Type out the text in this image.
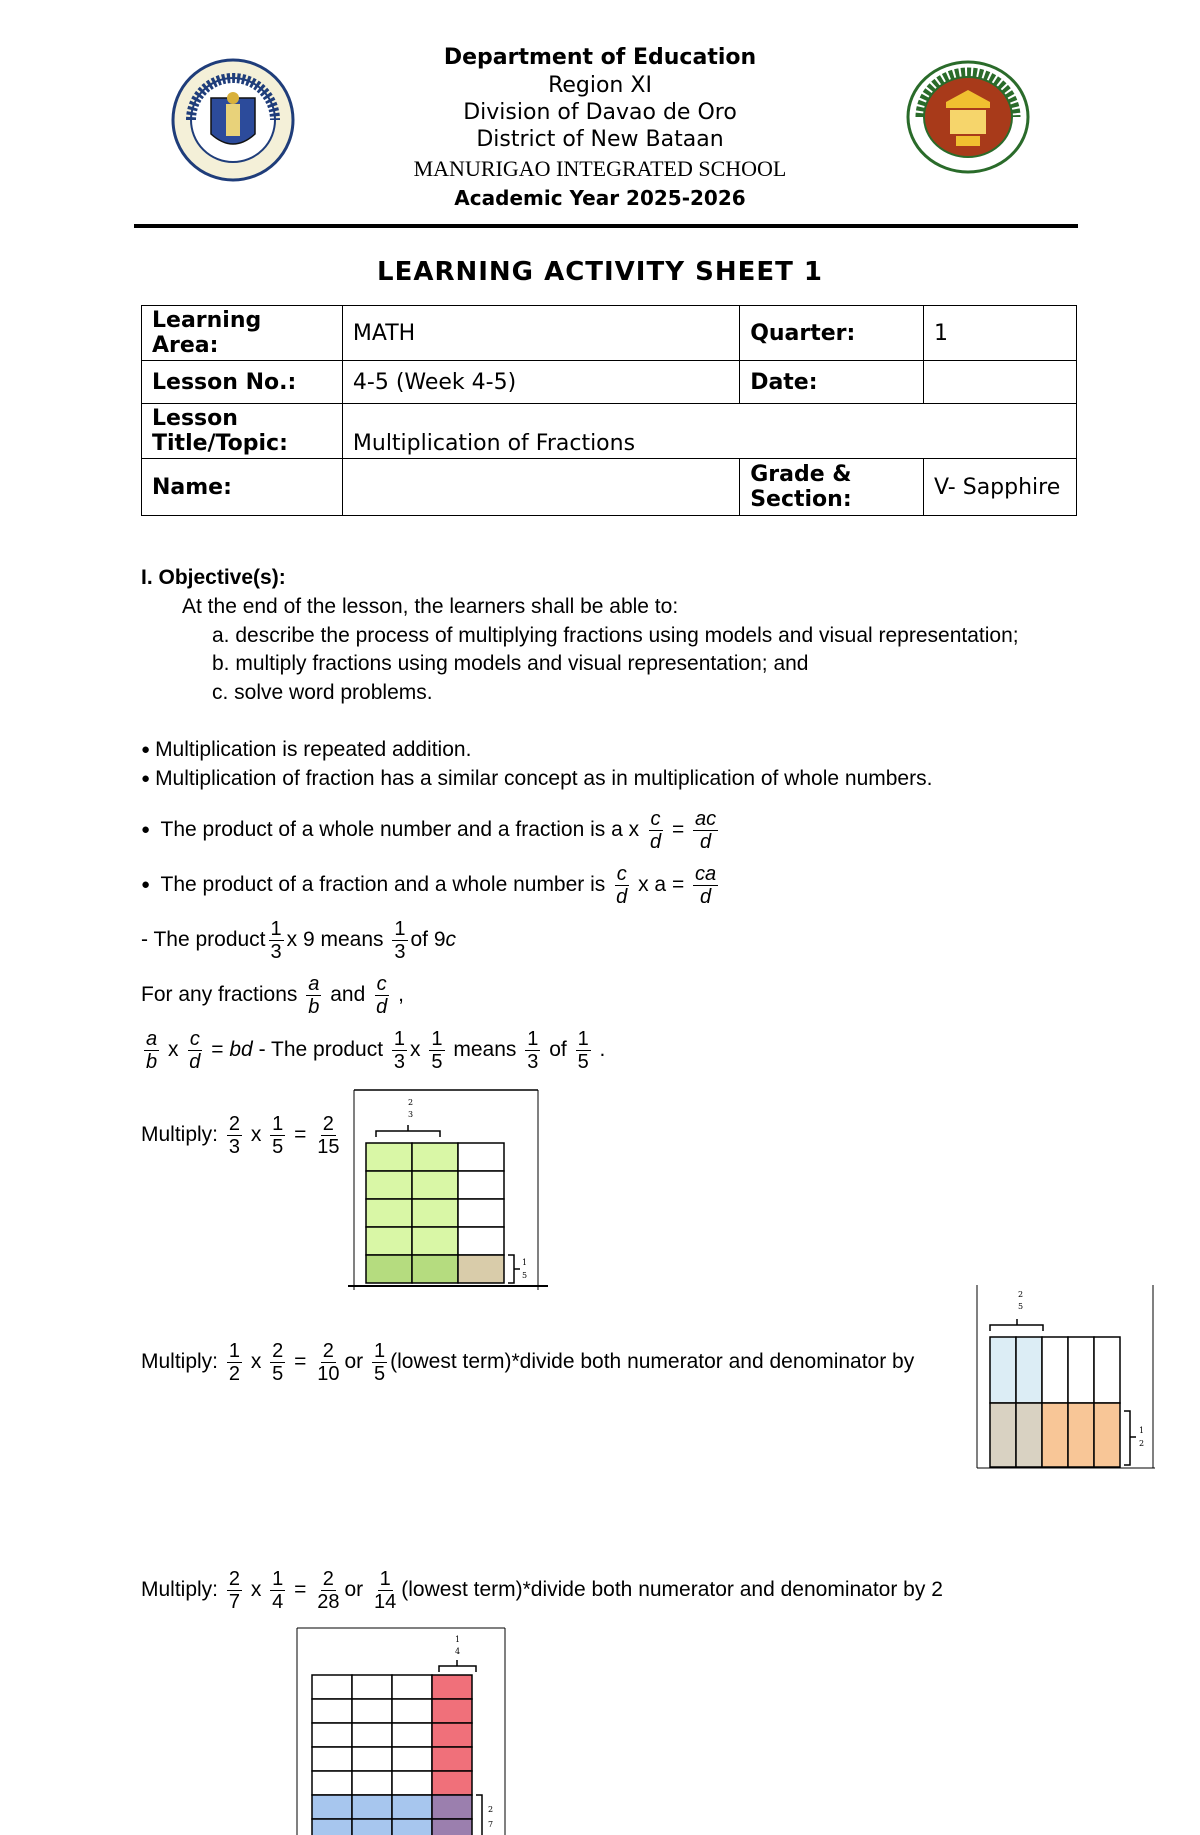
Department of Education
Region XI
Division of Davao de Oro
District of New Bataan
MANURIGAO INTEGRATED SCHOOL
Academic Year 2025-2026
LEARNING ACTIVITY SHEET 1
Learning Area:	MATH	Quarter:	1
Lesson No.:	4-5 (Week 4-5)	Date:	
Lesson Title/Topic:	Multiplication of Fractions		
Name:		Grade & Section:	V- Sapphire
I. Objective(s):
At the end of the lesson, the learners shall be able to:
a. describe the process of multiplying fractions using models and visual representation;
b. multiply fractions using models and visual representation; and
c. solve word problems.
● Multiplication is repeated addition.
● Multiplication of fraction has a similar concept as in multiplication of whole numbers.
● The product of a whole number and a fraction is a x $\frac{c}{d} = \frac{ac}{d}$
● The product of a fraction and a whole number is $\frac{c}{d}$ x $a = \frac{ca}{d}$
- The product $\frac{1}{3}$ x 9 means $\frac{1}{3}$ of 9c
For any fractions $\frac{a}{b}$ and $\frac{c}{d}$ ,
$\frac{a}{b}$ x $\frac{c}{d}$ = bd - The product $\frac{1}{3}$ x $\frac{1}{5}$ means $\frac{1}{3}$ of $\frac{1}{5}$ .
Multiply: $\frac{2}{3}$ x $\frac{1}{5} = \frac{2}{15}$
2
3
1
5
Multiply: $\frac{1}{2}$ x $\frac{2}{5} = \frac{2}{10}$ or $\frac{1}{5}$ (lowest term)*divide both numerator and denominator by
2
5
1
2
Multiply: $\frac{2}{7}$ x $\frac{1}{4} = \frac{2}{28}$ or $\frac{1}{14}$ (lowest term)*divide both numerator and denominator by 2
1
4
2
7
